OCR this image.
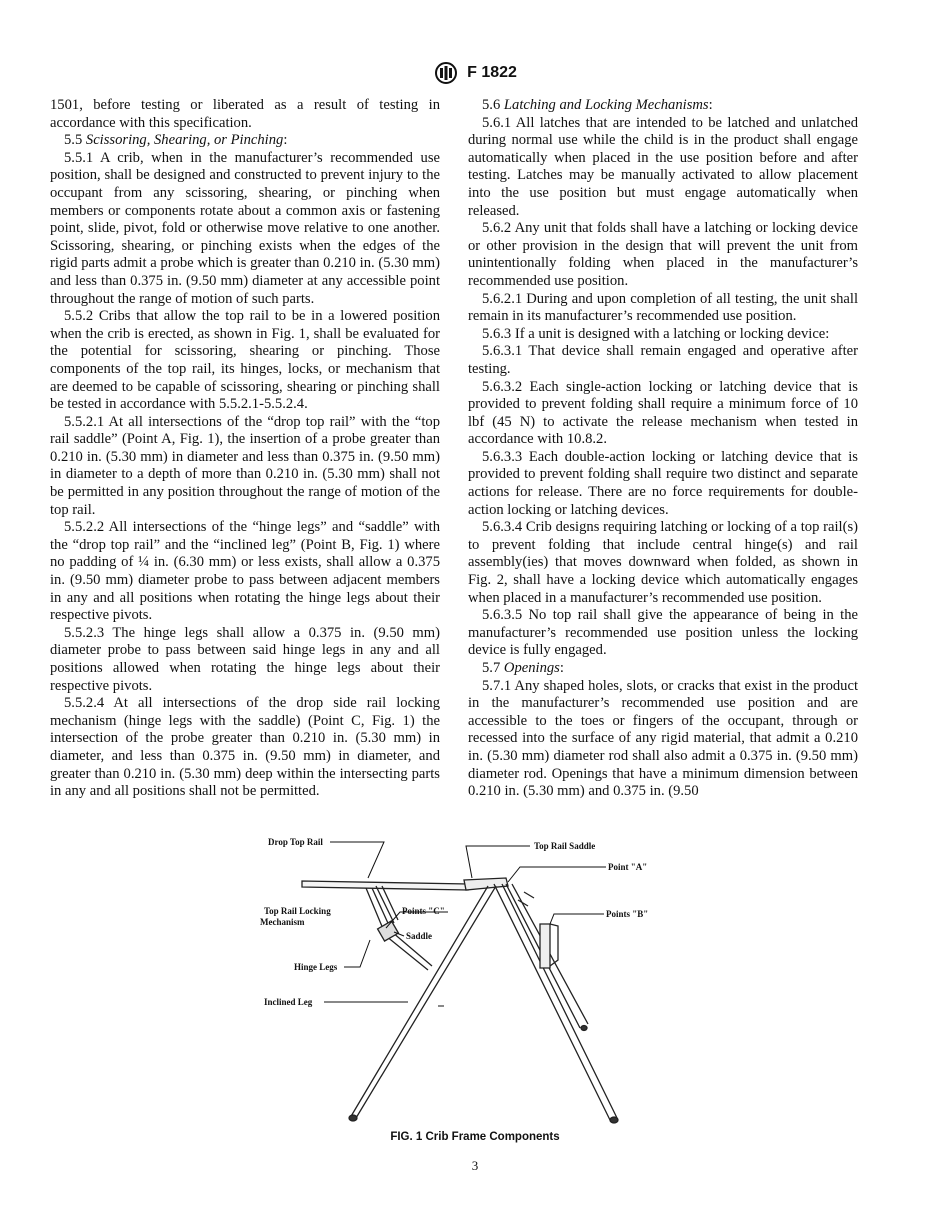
F 1822

1501, before testing or liberated as a result of testing in accordance with this specification.

5.5 Scissoring, Shearing, or Pinching:

5.5.1 A crib, when in the manufacturer’s recommended use position, shall be designed and constructed to prevent injury to the occupant from any scissoring, shearing, or pinching when members or components rotate about a common axis or fastening point, slide, pivot, fold or otherwise move relative to one another. Scissoring, shearing, or pinching exists when the edges of the rigid parts admit a probe which is greater than 0.210 in. (5.30 mm) and less than 0.375 in. (9.50 mm) diameter at any accessible point throughout the range of motion of such parts.

5.5.2 Cribs that allow the top rail to be in a lowered position when the crib is erected, as shown in Fig. 1, shall be evaluated for the potential for scissoring, shearing or pinching. Those components of the top rail, its hinges, locks, or mechanism that are deemed to be capable of scissoring, shearing or pinching shall be tested in accordance with 5.5.2.1-5.5.2.4.

5.5.2.1 At all intersections of the “drop top rail” with the “top rail saddle” (Point A, Fig. 1), the insertion of a probe greater than 0.210 in. (5.30 mm) in diameter and less than 0.375 in. (9.50 mm) in diameter to a depth of more than 0.210 in. (5.30 mm) shall not be permitted in any position throughout the range of motion of the top rail.

5.5.2.2 All intersections of the “hinge legs” and “saddle” with the “drop top rail” and the “inclined leg” (Point B, Fig. 1) where no padding of ¼ in. (6.30 mm) or less exists, shall allow a 0.375 in. (9.50 mm) diameter probe to pass between adjacent members in any and all positions when rotating the hinge legs about their respective pivots.

5.5.2.3 The hinge legs shall allow a 0.375 in. (9.50 mm) diameter probe to pass between said hinge legs in any and all positions allowed when rotating the hinge legs about their respective pivots.

5.5.2.4 At all intersections of the drop side rail locking mechanism (hinge legs with the saddle) (Point C, Fig. 1) the intersection of the probe greater than 0.210 in. (5.30 mm) in diameter, and less than 0.375 in. (9.50 mm) in diameter, and greater than 0.210 in. (5.30 mm) deep within the intersecting parts in any and all positions shall not be permitted.

5.6 Latching and Locking Mechanisms:

5.6.1 All latches that are intended to be latched and unlatched during normal use while the child is in the product shall engage automatically when placed in the use position before and after testing. Latches may be manually activated to allow placement into the use position but must engage automatically when released.

5.6.2 Any unit that folds shall have a latching or locking device or other provision in the design that will prevent the unit from unintentionally folding when placed in the manufacturer’s recommended use position.

5.6.2.1 During and upon completion of all testing, the unit shall remain in its manufacturer’s recommended use position.

5.6.3 If a unit is designed with a latching or locking device:

5.6.3.1 That device shall remain engaged and operative after testing.

5.6.3.2 Each single-action locking or latching device that is provided to prevent folding shall require a minimum force of 10 lbf (45 N) to activate the release mechanism when tested in accordance with 10.8.2.

5.6.3.3 Each double-action locking or latching device that is provided to prevent folding shall require two distinct and separate actions for release. There are no force requirements for double-action locking or latching devices.

5.6.3.4 Crib designs requiring latching or locking of a top rail(s) to prevent folding that include central hinge(s) and rail assembly(ies) that moves downward when folded, as shown in Fig. 2, shall have a locking device which automatically engages when placed in a manufacturer’s recommended use position.

5.6.3.5 No top rail shall give the appearance of being in the manufacturer’s recommended use position unless the locking device is fully engaged.

5.7 Openings:

5.7.1 Any shaped holes, slots, or cracks that exist in the product in the manufacturer’s recommended use position and are accessible to the toes or fingers of the occupant, through or recessed into the surface of any rigid material, that admit a 0.210 in. (5.30 mm) diameter rod shall also admit a 0.375 in. (9.50 mm) diameter rod. Openings that have a minimum dimension between 0.210 in. (5.30 mm) and 0.375 in. (9.50

Drop Top Rail	Top Rail Saddle
Point "A"
Top Rail Locking
Mechanism
Points "C"
Saddle
Points "B"
Hinge Legs
Inclined Leg
FIG. 1 Crib Frame Components
3
